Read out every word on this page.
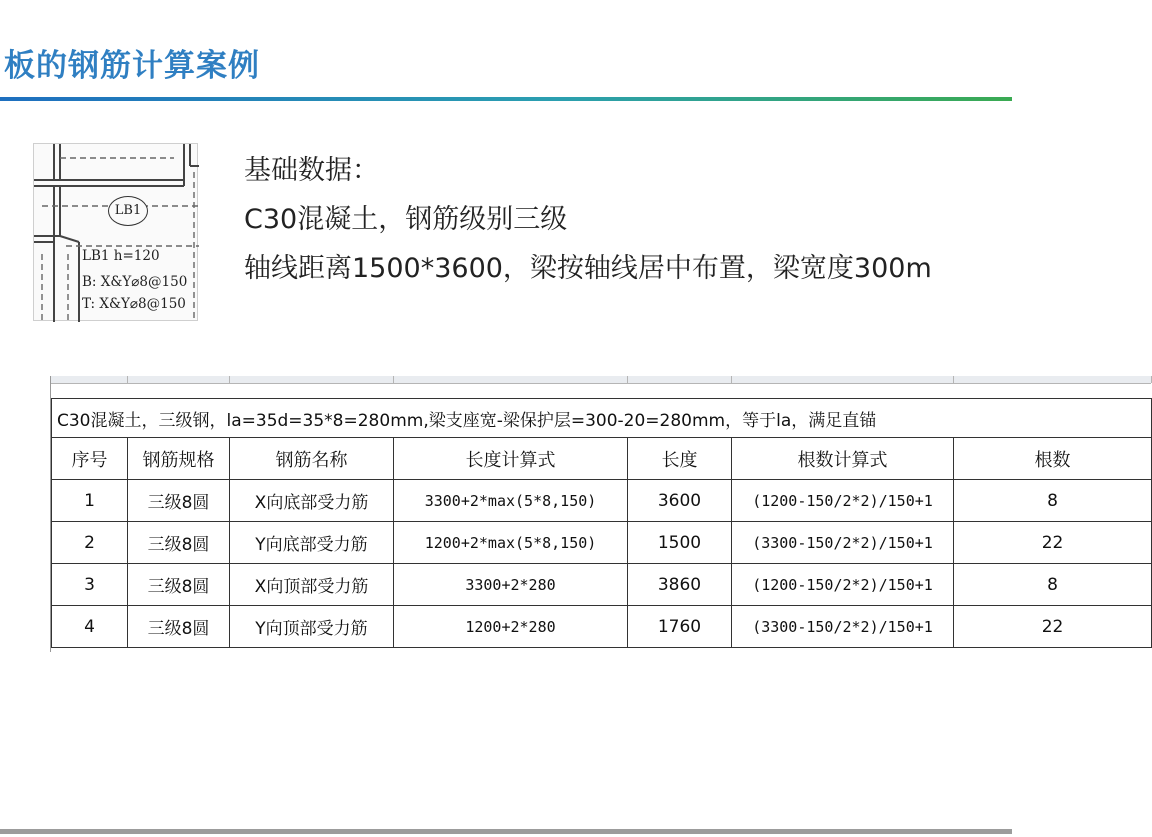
板的钢筋计算案例
LB1
LB1 h=120
B: X&Y⌀8@150
T: X&Y⌀8@150
基础数据：
C30混凝土，钢筋级别三级
轴线距离1500*3600，梁按轴线居中布置，梁宽度300m
C30混凝土，三级钢，la=35d=35*8=280mm,梁支座宽-梁保护层=300-20=280mm，等于la，满足直锚						
序号	钢筋规格	钢筋名称	长度计算式	长度	根数计算式	根数
1	三级8圆	X向底部受力筋	3300+2*max(5*8,150)	3600	(1200-150/2*2)/150+1	8
2	三级8圆	Y向底部受力筋	1200+2*max(5*8,150)	1500	(3300-150/2*2)/150+1	22
3	三级8圆	X向顶部受力筋	3300+2*280	3860	(1200-150/2*2)/150+1	8
4	三级8圆	Y向顶部受力筋	1200+2*280	1760	(3300-150/2*2)/150+1	22
